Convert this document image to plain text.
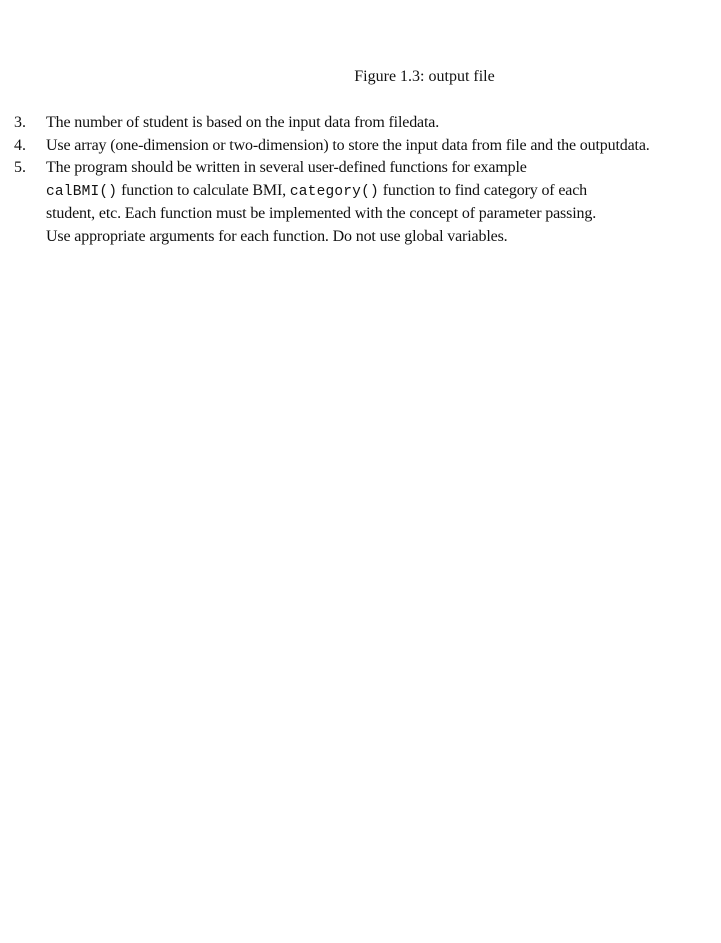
Figure 1.3: output file
3. The number of student is based on the input data from filedata.
4. Use array (one-dimension or two-dimension) to store the input data from file and the outputdata.
5. The program should be written in several user-defined functions for example
calBMI() function to calculate BMI, category() function to find category of each
student, etc. Each function must be implemented with the concept of parameter passing.
Use appropriate arguments for each function. Do not use global variables.
